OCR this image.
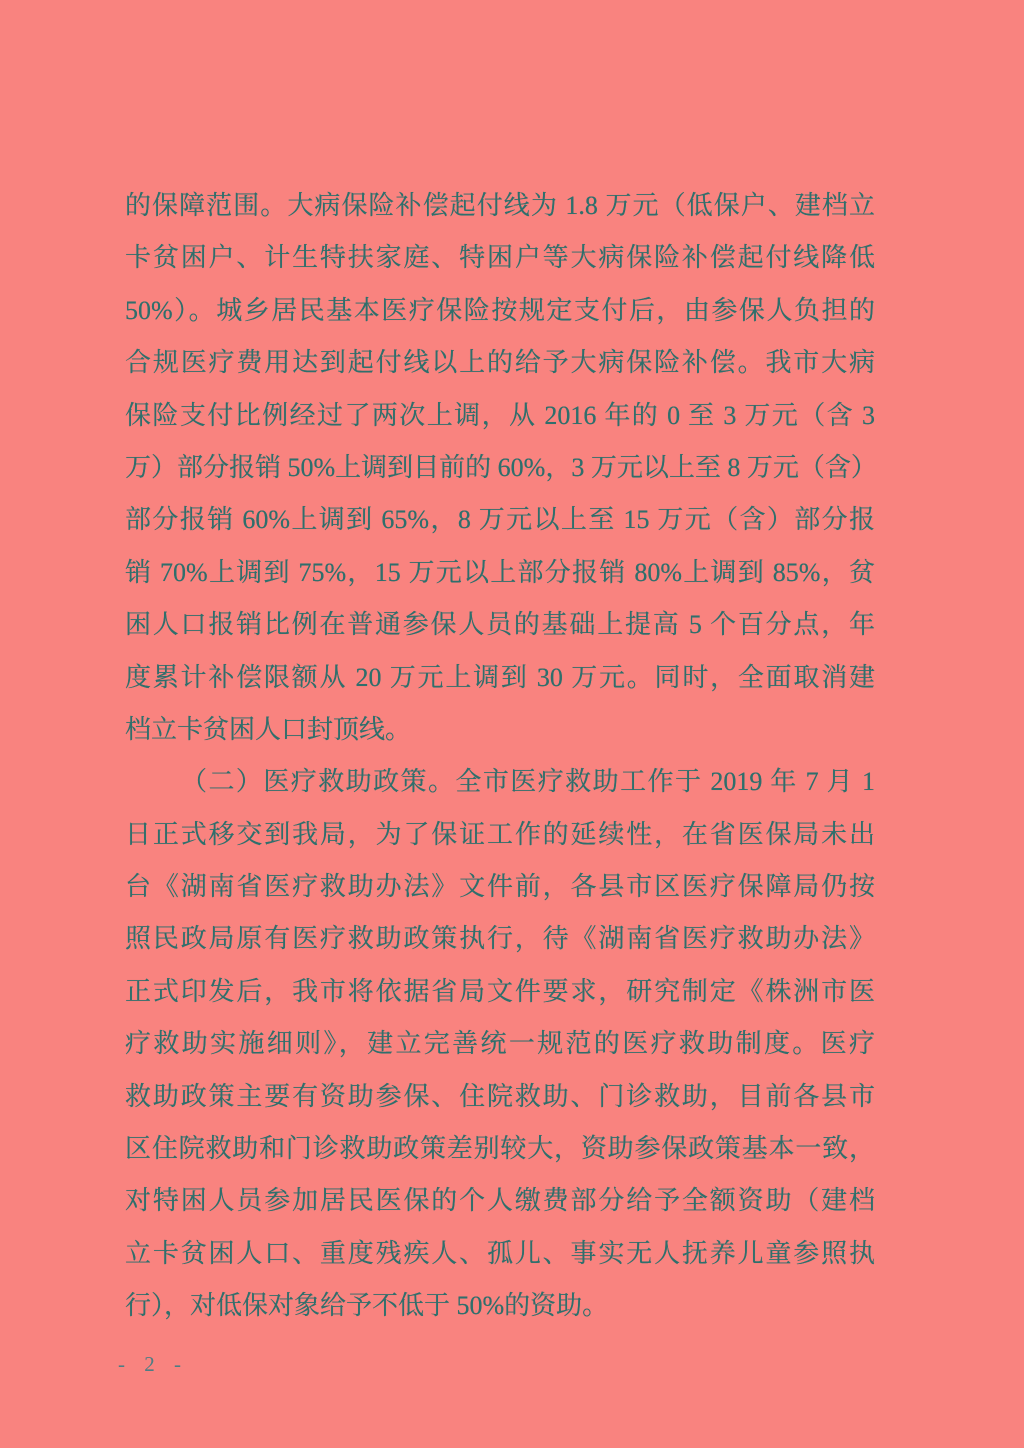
的保障范围。大病保险补偿起付线为 1.8 万元（低保户、建档立
卡贫困户、计生特扶家庭、特困户等大病保险补偿起付线降低
50%）。城乡居民基本医疗保险按规定支付后，由参保人负担的
合规医疗费用达到起付线以上的给予大病保险补偿。我市大病
保险支付比例经过了两次上调，从 2016 年的 0 至 3 万元（含 3
万）部分报销 50%上调到目前的 60%，3 万元以上至 8 万元（含）
部分报销 60%上调到 65%，8 万元以上至 15 万元（含）部分报
销 70%上调到 75%，15 万元以上部分报销 80%上调到 85%，贫
困人口报销比例在普通参保人员的基础上提高 5 个百分点，年
度累计补偿限额从 20 万元上调到 30 万元。同时，全面取消建
档立卡贫困人口封顶线。
（二）医疗救助政策。全市医疗救助工作于 2019 年 7 月 1
日正式移交到我局，为了保证工作的延续性，在省医保局未出
台《湖南省医疗救助办法》文件前，各县市区医疗保障局仍按
照民政局原有医疗救助政策执行，待《湖南省医疗救助办法》
正式印发后，我市将依据省局文件要求，研究制定《株洲市医
疗救助实施细则》，建立完善统一规范的医疗救助制度。医疗
救助政策主要有资助参保、住院救助、门诊救助，目前各县市
区住院救助和门诊救助政策差别较大，资助参保政策基本一致，
对特困人员参加居民医保的个人缴费部分给予全额资助（建档
立卡贫困人口、重度残疾人、孤儿、事实无人抚养儿童参照执
行），对低保对象给予不低于 50%的资助。
- 2 -
